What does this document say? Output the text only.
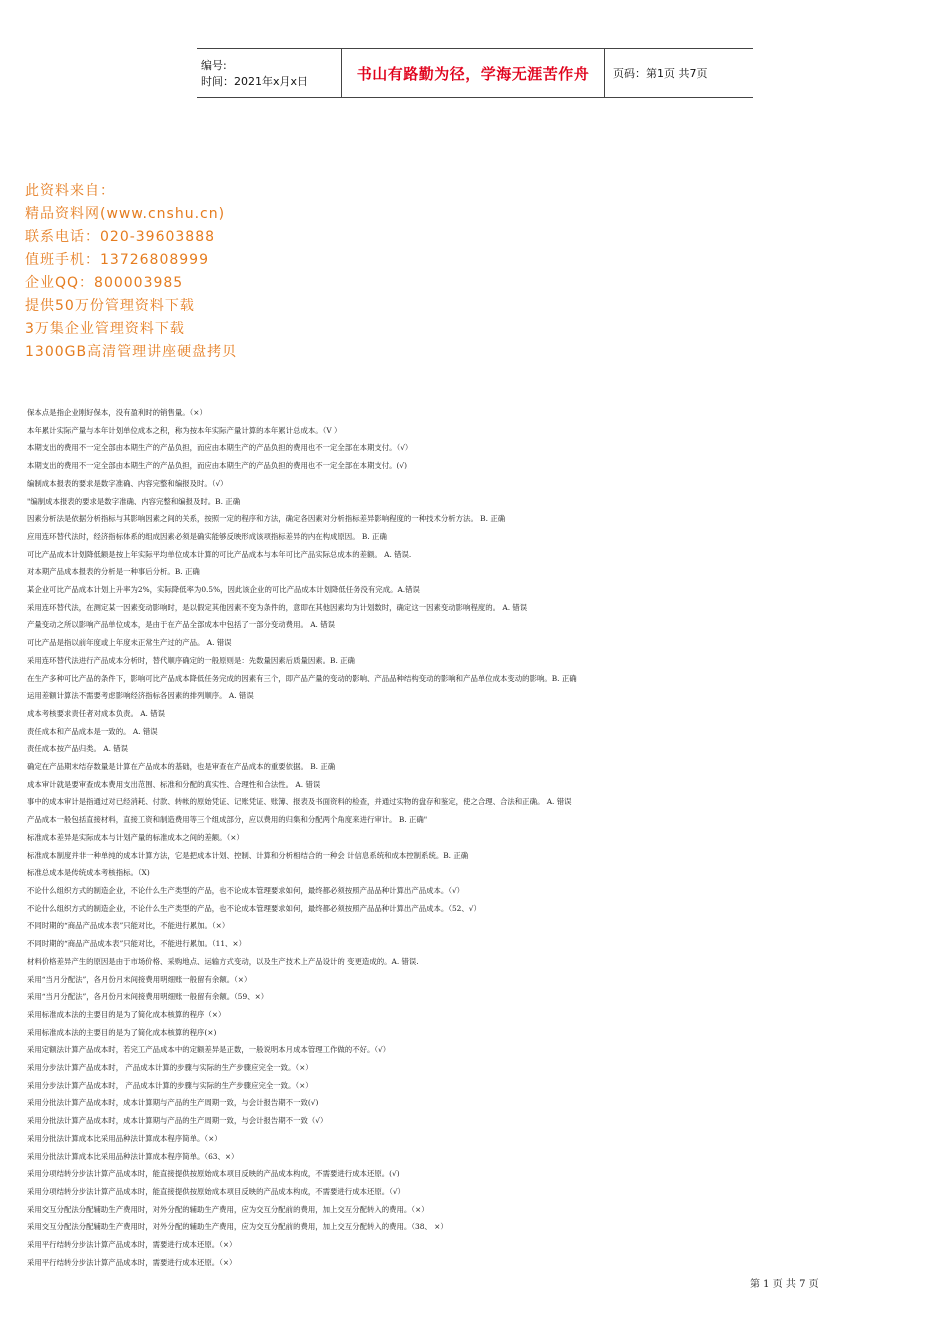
编号:
时间：2021年x月x日	书山有路勤为径，学海无涯苦作舟 页码：第1页 共7页
此资料来自：
精品资料网(www.cnshu.cn)
联系电话：020-39603888
值班手机：13726808999
企业QQ：800003985
提供50万份管理资料下载
3万集企业管理资料下载
1300GB高清管理讲座硬盘拷贝

保本点是指企业刚好保本，没有盈利时的销售量。（×）

本年累计实际产量与本年计划单位成本之积，称为按本年实际产量计算的本年累计总成本。（V ）

本期支出的费用不一定全部由本期生产的产品负担，而应由本期生产的产品负担的费用也不一定全部在本期支付。（√）

本期支出的费用不一定全部由本期生产的产品负担，而应由本期生产的产品负担的费用也不一定全部在本期支付。(√)

编制成本报表的要求是数字准确、内容完整和编报及时。（√）

"编制成本报表的要求是数字准确、内容完整和编报及时。B. 正确

因素分析法是依据分析指标与其影响因素之间的关系，按照一定的程序和方法，确定各因素对分析指标差异影响程度的一种技术分析方法。 B. 正确

应用连环替代法时，经济指标体系的组成因素必须是确实能够反映形成该项指标差异的内在构成原因。 B. 正确

可比产品成本计划降低额是按上年实际平均单位成本计算的可比产品成本与本年可比产品实际总成本的差额。 A. 错误.

对本期产品成本报表的分析是一种事后分析。B. 正确

某企业可比产品成本计划上升率为2%，实际降低率为0.5%，因此该企业的可比产品成本计划降低任务没有完成。A.错误

采用连环替代法，在测定某一因素变动影响时，是以假定其他因素不变为条件的，意即在其他因素均为计划数时，确定这一因素变动影响程度的。 A. 错误

产量变动之所以影响产品单位成本，是由于在产品全部成本中包括了一部分变动费用。 A. 错误

可比产品是指以前年度或上年度未正常生产过的产品。 A. 错误

采用连环替代法进行产品成本分析时，替代顺序确定的一般原则是：先数量因素后质量因素。B. 正确

在生产多种可比产品的条件下，影响可比产品成本降低任务完成的因素有三个，即产品产量的变动的影响、产品品种结构变动的影响和产品单位成本变动的影响。B. 正确

运用差额计算法不需要考虑影响经济指标各因素的排列顺序。 A. 错误

成本考核要求责任者对成本负责。 A. 错误

责任成本和产品成本是一致的。 A. 错误

责任成本按产品归类。 A. 错误

确定在产品期末结存数量是计算在产品成本的基础，也是审查在产品成本的重要依据。 B. 正确

成本审计就是要审查成本费用支出范围、标准和分配的真实性、合理性和合法性。 A. 错误

事中的成本审计是指通过对已经消耗、付款、转帐的原始凭证、记账凭证、账簿、报表及书面资料的检查，并通过实物的盘存和鉴定，使之合理、合法和正确。 A. 错误

产品成本一般包括直接材料，直接工资和制造费用等三个组成部分，应以费用的归集和分配两个角度来进行审计。 B. 正确"

标准成本差异是实际成本与计划产量的标准成本之间的差额。（×）

标准成本制度并非一种单纯的成本计算方法，它是把成本计划、控制、计算和分析相结合的一种会 计信息系统和成本控制系统。B. 正确

标准总成本是传统成本考核指标。（X)

不论什么组织方式的制造企业，不论什么生产类型的产品，也不论成本管理要求如何，最终都必须按照产品品种计算出产品成本。（√）

不论什么组织方式的制造企业，不论什么生产类型的产品，也不论成本管理要求如何，最终都必须按照产品品种计算出产品成本。（52、√）

不同时期的“商品产品成本表”只能对比，不能进行累加。（×）

不同时期的“商品产品成本表”只能对比，不能进行累加。（11、×）

材料价格差异产生的原因是由于市场价格、采购地点、运输方式变动，以及生产技术上产品设计的 变更造成的。A. 错误.

采用“当月分配法”，各月份月末间接费用明细账一般留有余额。（×）

采用“当月分配法”，各月份月末间接费用明细账一般留有余额。（59、×）

采用标准成本法的主要目的是为了简化成本核算的程序（×）

采用标准成本法的主要目的是为了简化成本核算的程序(×)

采用定额法计算产品成本时，若完工产品成本中的定额差异是正数，一般说明本月成本管理工作做的不好。（√）

采用分步法计算产品成本时， 产品成本计算的步骤与实际的生产步骤应完全一致。（×）

采用分步法计算产品成本时， 产品成本计算的步骤与实际的生产步骤应完全一致。（×）

采用分批法计算产品成本时，成本计算期与产品的生产周期一致，与会计报告期不一致(√)

采用分批法计算产品成本时，成本计算期与产品的生产周期一致，与会计报告期不一致（√）

采用分批法计算成本比采用品种法计算成本程序简单。（×）

采用分批法计算成本比采用品种法计算成本程序简单。（63、×）

采用分项结转分步法计算产品成本时，能直接提供按原始成本项目反映的产品成本构成，不需要进行成本还原。(√)

采用分项结转分步法计算产品成本时，能直接提供按原始成本项目反映的产品成本构成，不需要进行成本还原。（√）

采用交互分配法分配辅助生产费用时，对外分配的辅助生产费用，应为交互分配前的费用，加上交互分配转入的费用。（×）

采用交互分配法分配辅助生产费用时，对外分配的辅助生产费用，应为交互分配前的费用，加上交互分配转入的费用。（38、 ×）

采用平行结转分步法计算产品成本时，需要进行成本还原。（×）

采用平行结转分步法计算产品成本时，需要进行成本还原。（×）

第 1 页 共 7 页
